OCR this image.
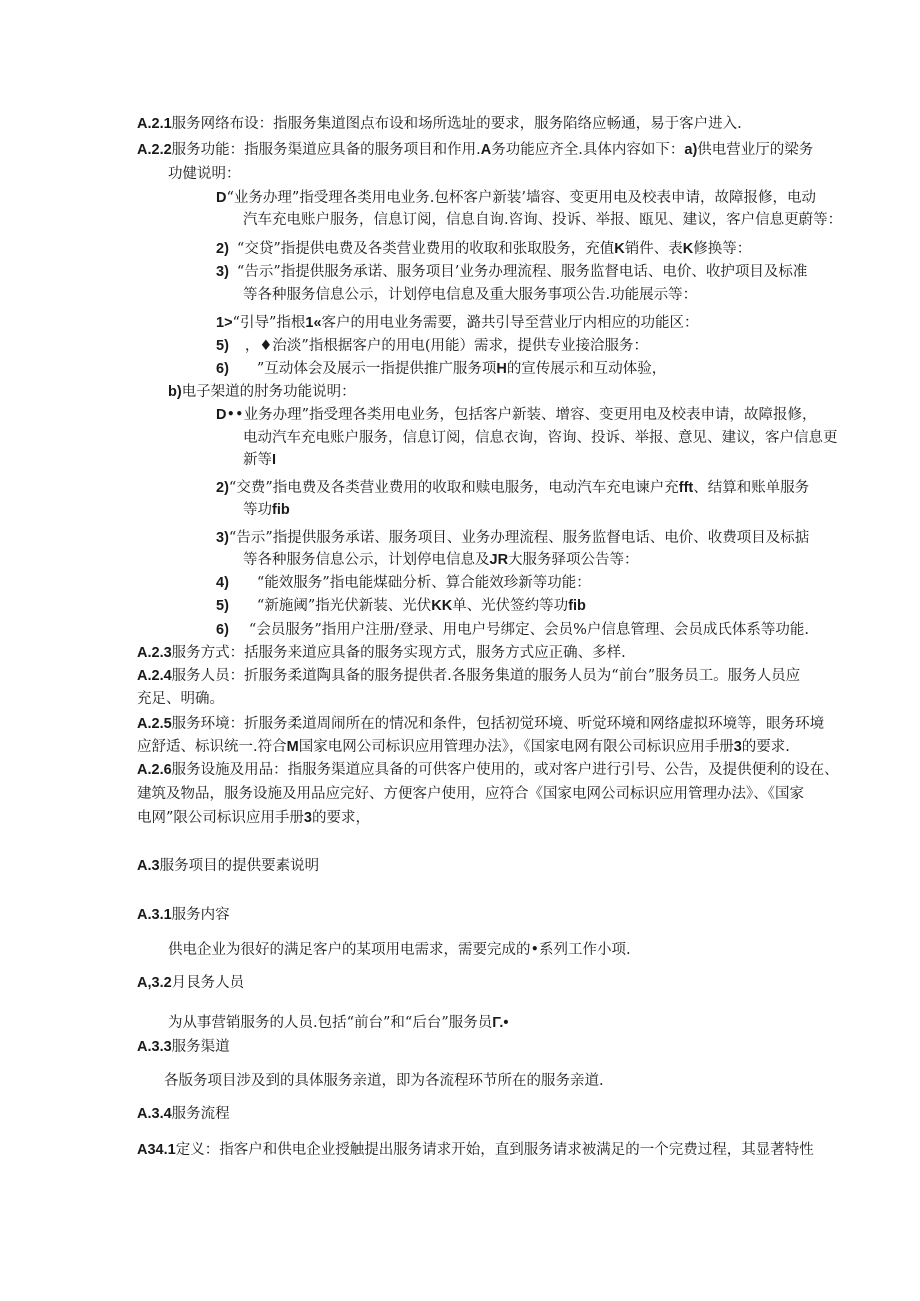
A.2.1服务网络布设：指服务集道图点布设和场所选址的要求，服务陷络应畅通，易于客户进入.
A.2.2服务功能：指服务渠道应具备的服务项目和作用.A务功能应齐全.具体内容如下：a)供电营业厅的梁务
功健说明：
D“业务办理”指受理各类用电业务.包杯客户新装’墙容、变更用电及校表申请，故障报修，电动
汽车充电账户服务，信息订阅，信息自询.咨询、投诉、举报、瓯见、建议，客户信息更蔚等：
2) “交贷”指提供电费及各类营业费用的收取和张取股务，充值K销件、表K修换等：
3) “告示”指提供服务承诺、服务项目’业务办理流程、服务监督电话、电价、收护项目及标准
等各种服务信息公示，计划停电信息及重大服务事项公告.功能展示等：
1>“引导”指根1«客户的用电业务需要，潞共引导至营业厅内相应的功能区：
5) ，♦治淡”指根据客户的用电(用能）需求，提供专业接洽服务：
6) ”互动体会及展示一指提供推广服务项H的宣传展示和互动体验，
b)电子架道的肘务功能说明：
D••业务办理”指受理各类用电业务，包括客户新装、增容、变更用电及校表申请，故障报修，
电动汽车充电账户服务，信息订阅，信息衣询，咨询、投诉、举报、意见、建议，客户信息更
新等I
2)“交费”指电费及各类营业费用的收取和赎电服务，电动汽车充电谏户充fft、结算和账单服务
等功fib
3)“告示”指提供服务承诺、服务项目、业务办理流程、服务监督电话、电价、收费项目及标掂
等各种服务信息公示，计划停电信息及JR大服务驿项公告等：
4) “能效服务”指电能煤础分析、算合能效珍新等功能：
5) “新施阈”指光伏新装、光伏KK单、光伏签约等功fib
6) “会员服务”指用户注册/登录、用电户号绑定、会员%户信息管理、会员成氏体系等功能.
A.2.3服务方式：括服务来道应具备的服务实现方式，服务方式应正确、多样.
A.2.4服务人员：折服务柔道陶具备的服务提供者.各服务集道的服务人员为“前台”服务员工。服务人员应
充足、明确。
A.2.5服务环境：折服务柔道周闹所在的情况和条件，包括初觉环境、听觉环境和网络虚拟环境等，眼务环境
应舒适、标识统一.符合M国家电网公司标识应用管理办法》，《国家电网有限公司标识应用手册3的要求.
A.2.6服务设施及用品：指服务渠道应具备的可供客户使用的，或对客户进行引号、公告，及提供便利的设在、
建筑及物品，服务设施及用品应完好、方便客户使用，应符合《国家电网公司标识应用管理办法》、《国家
电网”限公司标识应用手册3的要求，
A.3服务项目的提供要素说明
A.3.1服务内容
供电企业为很好的满足客户的某项用电需求，需要完成的•系列工作小项.
A,3.2月艮务人员
为从事营销服务的人员.包括“前台”和“后台”服务员Γ.•
A.3.3服务渠道
各版务项目涉及到的具体服务亲道，即为各流程环节所在的服务亲道.
A.3.4服务流程
A34.1定义：指客户和供电企业授触提出服务请求开始，直到服务请求被满足的一个完费过程，其显著特性
